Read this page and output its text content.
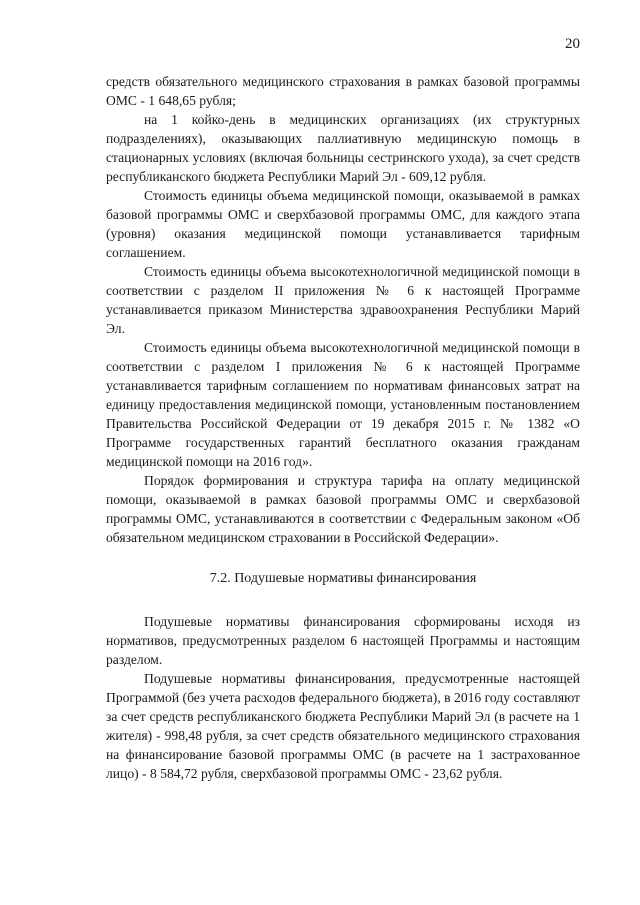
20

средств обязательного медицинского страхования в рамках базовой программы ОМС - 1 648,65 рубля;

на 1 койко-день в медицинских организациях (их структурных подразделениях), оказывающих паллиативную медицинскую помощь в стационарных условиях (включая больницы сестринского ухода), за счет средств республиканского бюджета Республики Марий Эл - 609,12 рубля.

Стоимость единицы объема медицинской помощи, оказываемой в рамках базовой программы ОМС и сверхбазовой программы ОМС, для каждого этапа (уровня) оказания медицинской помощи устанавливается тарифным соглашением.

Стоимость единицы объема высокотехнологичной медицинской помощи в соответствии с разделом II приложения № 6 к настоящей Программе устанавливается приказом Министерства здравоохранения Республики Марий Эл.

Стоимость единицы объема высокотехнологичной медицинской помощи в соответствии с разделом I приложения № 6 к настоящей Программе устанавливается тарифным соглашением по нормативам финансовых затрат на единицу предоставления медицинской помощи, установленным постановлением Правительства Российской Федерации от 19 декабря 2015 г. № 1382 «О Программе государственных гарантий бесплатного оказания гражданам медицинской помощи на 2016 год».

Порядок формирования и структура тарифа на оплату медицинской помощи, оказываемой в рамках базовой программы ОМС и сверхбазовой программы ОМС, устанавливаются в соответствии с Федеральным законом «Об обязательном медицинском страховании в Российской Федерации».

7.2. Подушевые нормативы финансирования

Подушевые нормативы финансирования сформированы исходя из нормативов, предусмотренных разделом 6 настоящей Программы и настоящим разделом.

Подушевые нормативы финансирования, предусмотренные настоящей Программой (без учета расходов федерального бюджета), в 2016 году составляют за счет средств республиканского бюджета Республики Марий Эл (в расчете на 1 жителя) - 998,48 рубля, за счет средств обязательного медицинского страхования на финансирование базовой программы ОМС (в расчете на 1 застрахованное лицо) - 8 584,72 рубля, сверхбазовой программы ОМС - 23,62 рубля.
